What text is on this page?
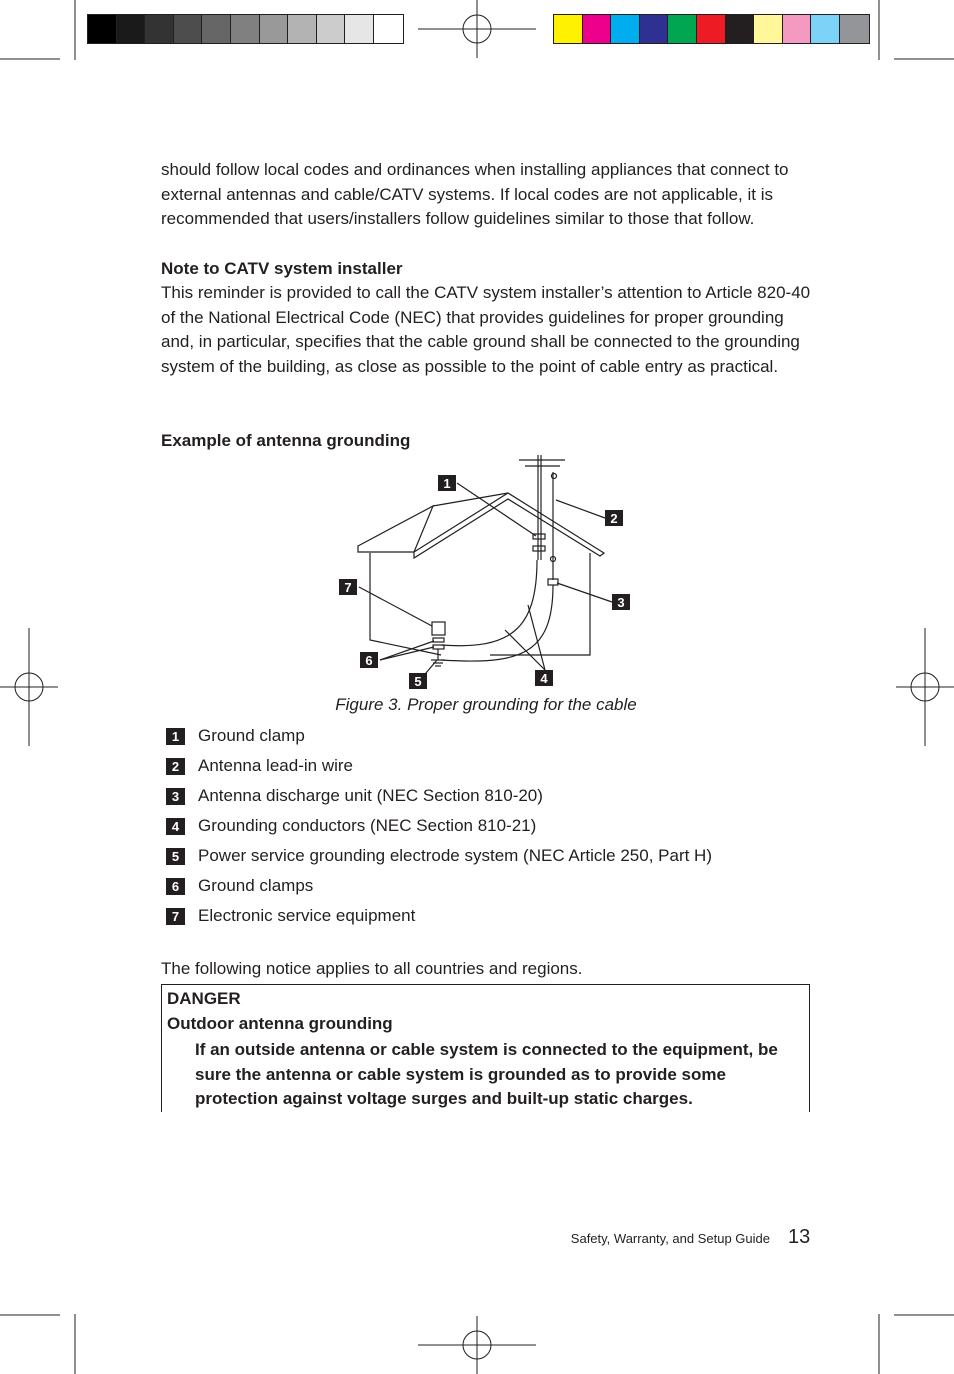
should follow local codes and ordinances when installing appliances that connect to external antennas and cable/CATV systems. If local codes are not applicable, it is recommended that users/installers follow guidelines similar to those that follow.

Note to CATV system installer

This reminder is provided to call the CATV system installer’s attention to Article 820-40 of the National Electrical Code (NEC) that provides guidelines for proper grounding and, in particular, specifies that the cable ground shall be connected to the grounding system of the building, as close as possible to the point of cable entry as practical.

Example of antenna grounding

1
2
3
4
5
6
7

Figure 3. Proper grounding for the cable

1	Ground clamp
2	Antenna lead-in wire
3	Antenna discharge unit (NEC Section 810-20)
4	Grounding conductors (NEC Section 810-21)
5	Power service grounding electrode system (NEC Article 250, Part H)
6	Ground clamps
7	Electronic service equipment

The following notice applies to all countries and regions.

DANGER
Outdoor antenna grounding
If an outside antenna or cable system is connected to the equipment, be sure the antenna or cable system is grounded as to provide some protection against voltage surges and built-up static charges.
Safety, Warranty, and Setup Guide 13
